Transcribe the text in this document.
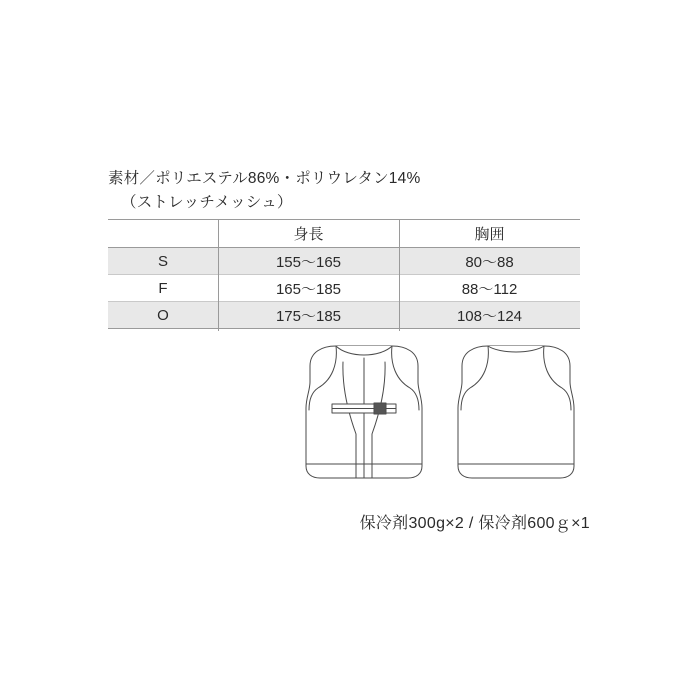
素材／ポリエステル86%・ポリウレタン14%
（ストレッチメッシュ）
	身長	胸囲
S	155〜165	80〜88
F	165〜185	88〜112
O	175〜185	108〜124
保冷剤300g×2 / 保冷剤600ｇ×1
